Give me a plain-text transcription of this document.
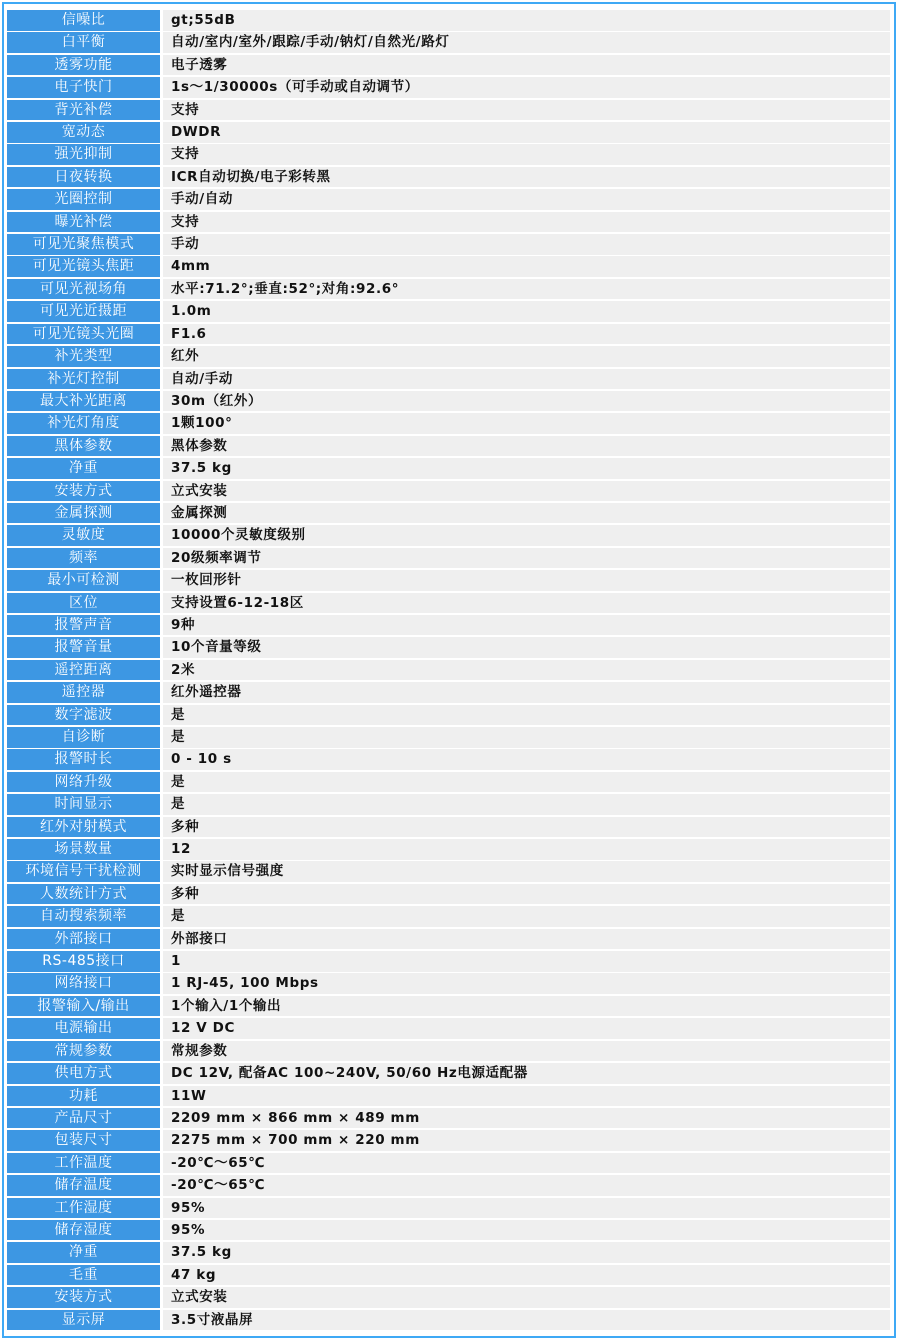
信噪比	gt;55dB
白平衡	自动/室内/室外/跟踪/手动/钠灯/自然光/路灯
透雾功能	电子透雾
电子快门	1s～1/30000s（可手动或自动调节）
背光补偿	支持
宽动态	DWDR
强光抑制	支持
日夜转换	ICR自动切换/电子彩转黑
光圈控制	手动/自动
曝光补偿	支持
可见光聚焦模式	手动
可见光镜头焦距	4mm
可见光视场角	水平:71.2°;垂直:52°;对角:92.6°
可见光近摄距	1.0m
可见光镜头光圈	F1.6
补光类型	红外
补光灯控制	自动/手动
最大补光距离	30m（红外）
补光灯角度	1颗100°
黑体参数	黑体参数
净重	37.5 kg
安装方式	立式安装
金属探测	金属探测
灵敏度	10000个灵敏度级别
频率	20级频率调节
最小可检测	一枚回形针
区位	支持设置6-12-18区
报警声音	9种
报警音量	10个音量等级
遥控距离	2米
遥控器	红外遥控器
数字滤波	是
自诊断	是
报警时长	0 - 10 s
网络升级	是
时间显示	是
红外对射模式	多种
场景数量	12
环境信号干扰检测	实时显示信号强度
人数统计方式	多种
自动搜索频率	是
外部接口	外部接口
RS-485接口	1
网络接口	1 RJ-45, 100 Mbps
报警输入/输出	1个输入/1个输出
电源输出	12 V DC
常规参数	常规参数
供电方式	DC 12V, 配备AC 100~240V, 50/60 Hz电源适配器
功耗	11W
产品尺寸	2209 mm × 866 mm × 489 mm
包装尺寸	2275 mm × 700 mm × 220 mm
工作温度	-20℃～65℃
储存温度	-20℃～65℃
工作湿度	95%
储存湿度	95%
净重	37.5 kg
毛重	47 kg
安装方式	立式安装
显示屏	3.5寸液晶屏
